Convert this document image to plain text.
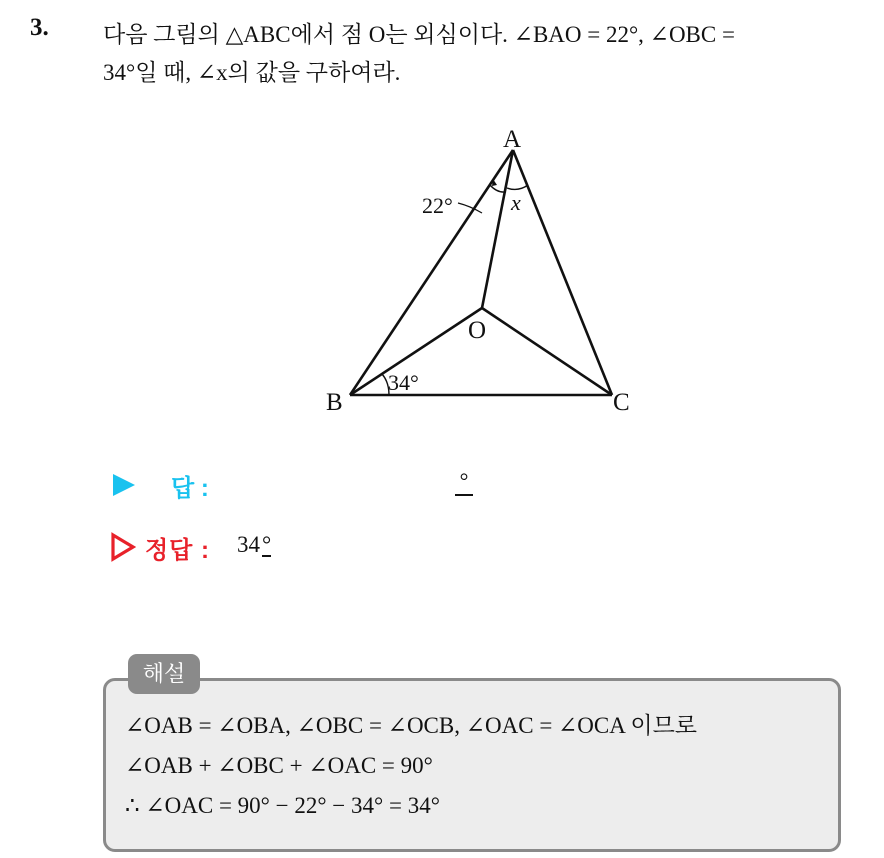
3. 다음 그림의 △ABC에서 점 O는 외심이다. ∠BAO = 22°, ∠OBC =
34°일 때, ∠x의 값을 구하여라.
A
B	C
O
22°	x
34°
답 :	°
정답 : 34°
해설
∠OAB = ∠OBA, ∠OBC = ∠OCB, ∠OAC = ∠OCA 이므로
∠OAB + ∠OBC + ∠OAC = 90°
∴ ∠OAC = 90° − 22° − 34° = 34°
